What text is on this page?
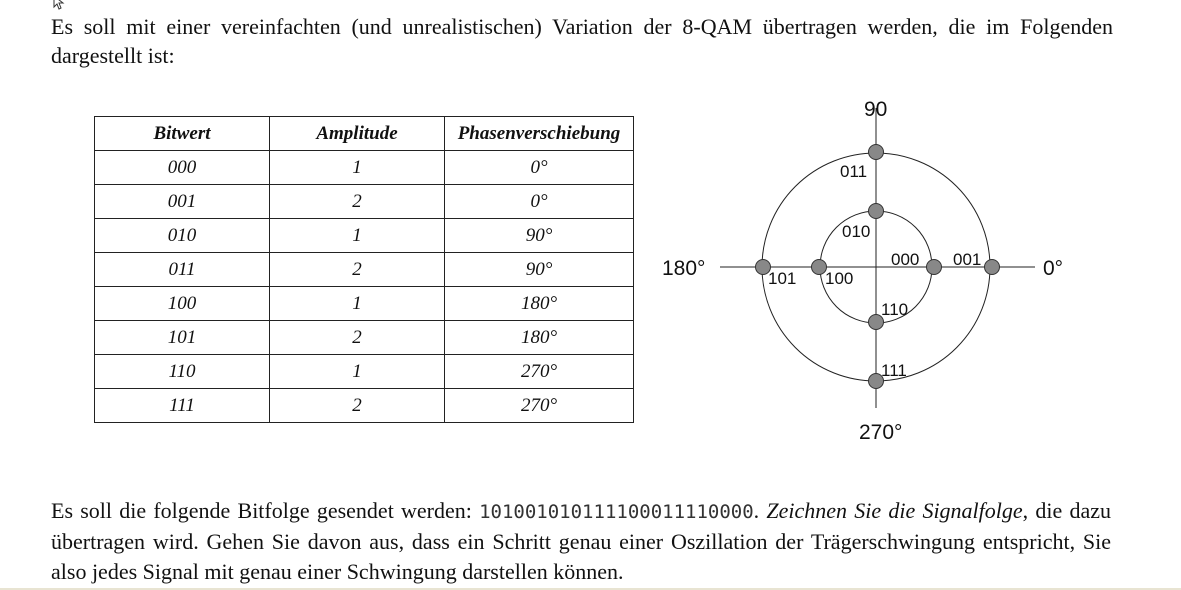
Es soll mit einer vereinfachten (und unrealistischen) Variation der 8-QAM übertragen werden, die im Folgenden dargestellt ist:
Bitwert	Amplitude	Phasenverschiebung
000	1	0°
001	2	0°
010	1	90°
011	2	90°
100	1	180°
101	2	180°
110	1	270°
111	2	270°
90
180°	0°
270°
011
010
000 001
100
101
110
111
Es soll die folgende Bitfolge gesendet werden: 101001010111100011110000. Zeichnen Sie die Signalfolge, die dazu übertragen wird. Gehen Sie davon aus, dass ein Schritt genau einer Oszillation der Trägerschwingung entspricht, Sie also jedes Signal mit genau einer Schwingung darstellen können.
